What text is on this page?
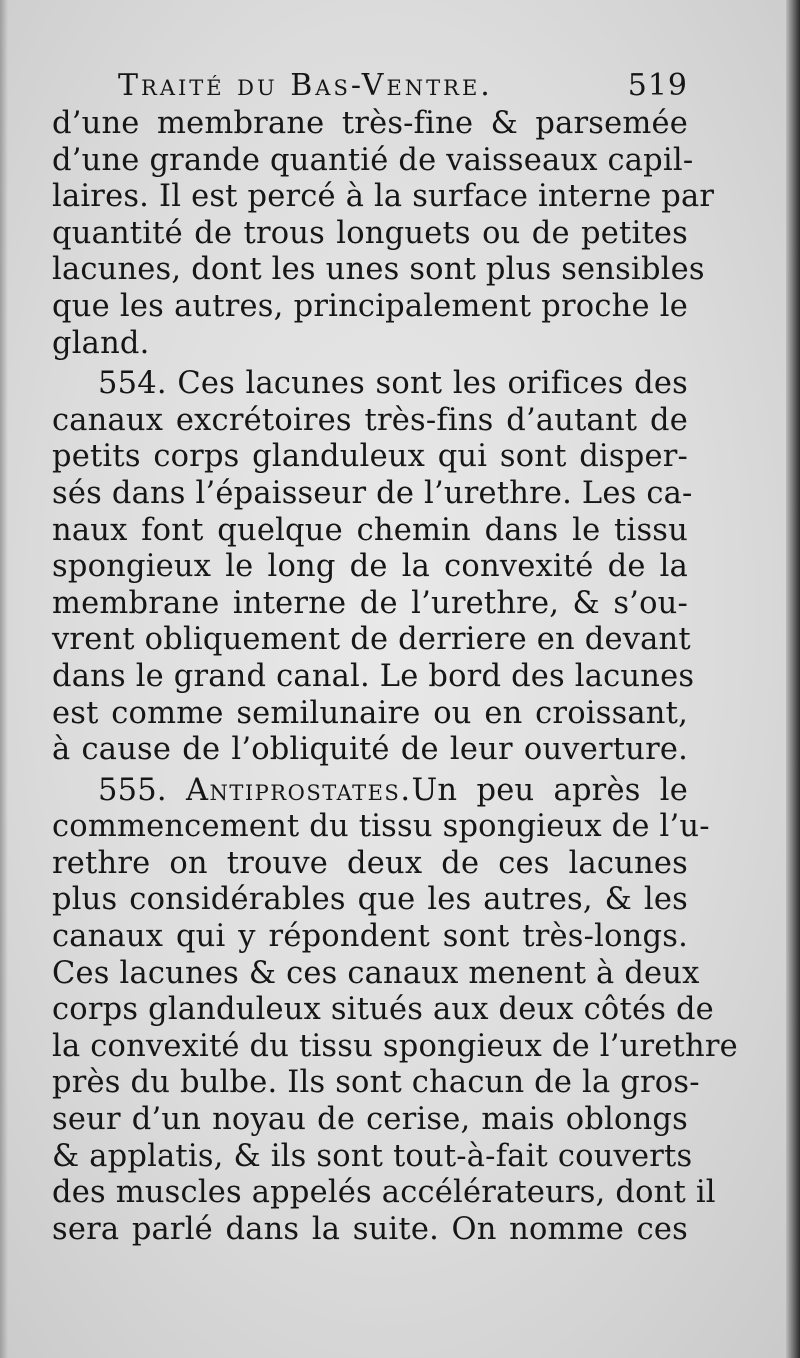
Traité du Bas-Ventre.	519
d’une membrane très-fine & parsemée
d’une grande quantié de vaisseaux capil-
laires. Il est percé à la surface interne par
quantité de trous longuets ou de petites
lacunes, dont les unes sont plus sensibles
que les autres, principalement proche le
gland.
554. Ces lacunes sont les orifices des
canaux excrétoires très-fins d’autant de
petits corps glanduleux qui sont disper-
sés dans l’épaisseur de l’urethre. Les ca-
naux font quelque chemin dans le tissu
spongieux le long de la convexité de la
membrane interne de l’urethre, & s’ou-
vrent obliquement de derriere en devant
dans le grand canal. Le bord des lacunes
est comme semilunaire ou en croissant,
à cause de l’obliquité de leur ouverture.
555. Antiprostates.Un peu après le
commencement du tissu spongieux de l’u-
rethre on trouve deux de ces lacunes
plus considérables que les autres, & les
canaux qui y répondent sont très-longs.
Ces lacunes & ces canaux menent à deux
corps glanduleux situés aux deux côtés de
la convexité du tissu spongieux de l’urethre
près du bulbe. Ils sont chacun de la gros-
seur d’un noyau de cerise, mais oblongs
& applatis, & ils sont tout-à-fait couverts
des muscles appelés accélérateurs, dont il
sera parlé dans la suite. On nomme ces
